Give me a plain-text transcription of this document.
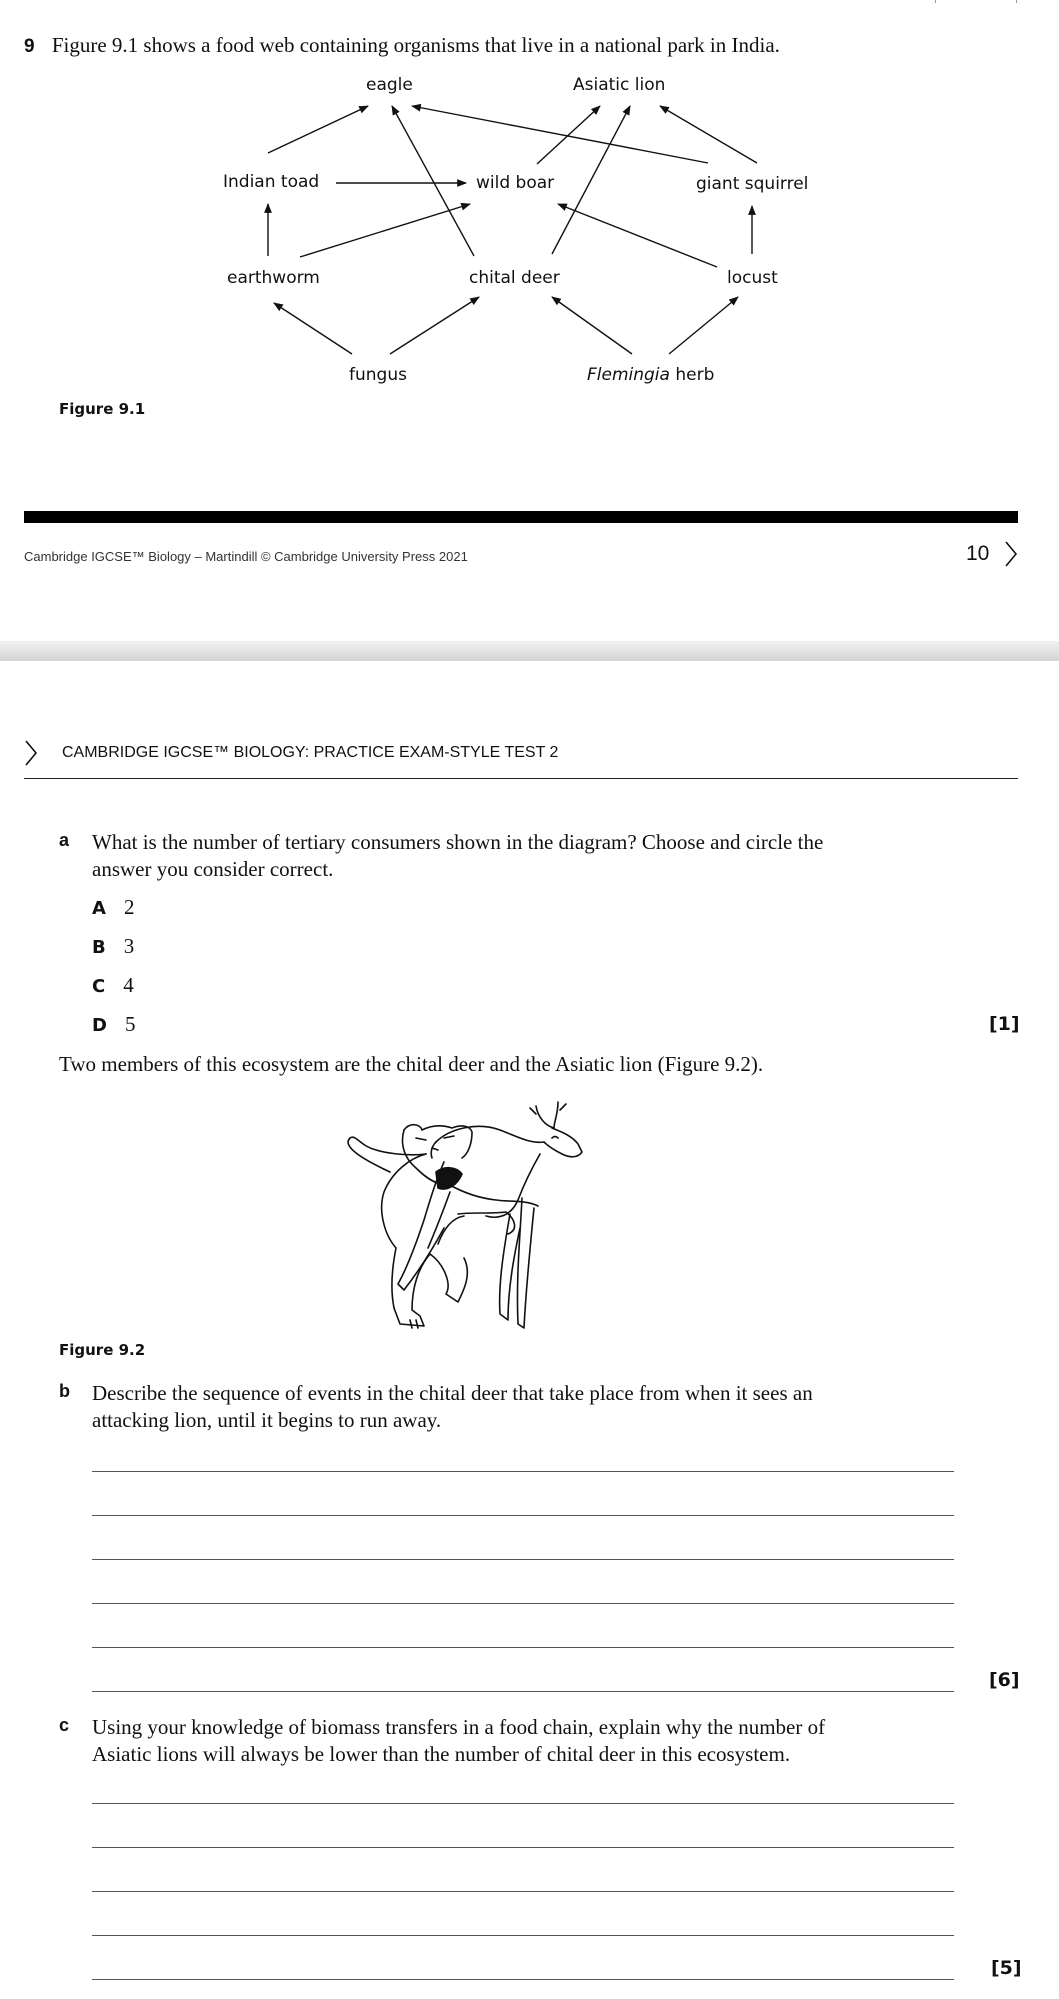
9 Figure 9.1 shows a food web containing organisms that live in a national park in India.
eagle	Asiatic lion
Indian toad	wild boar	giant squirrel
earthworm	chital deer	locust
fungus	Flemingia herb
Figure 9.1
Cambridge IGCSE™ Biology – Martindill © Cambridge University Press 2021	10
CAMBRIDGE IGCSE™ BIOLOGY: PRACTICE EXAM-STYLE TEST 2
a What is the number of tertiary consumers shown in the diagram? Choose and circle the
answer you consider correct.
A 2
B 3
C 4
D 5	[1]
Two members of this ecosystem are the chital deer and the Asiatic lion (Figure 9.2).
Figure 9.2
b Describe the sequence of events in the chital deer that take place from when it sees an
attacking lion, until it begins to run away.
[6]
c Using your knowledge of biomass transfers in a food chain, explain why the number of
Asiatic lions will always be lower than the number of chital deer in this ecosystem.
[5]
